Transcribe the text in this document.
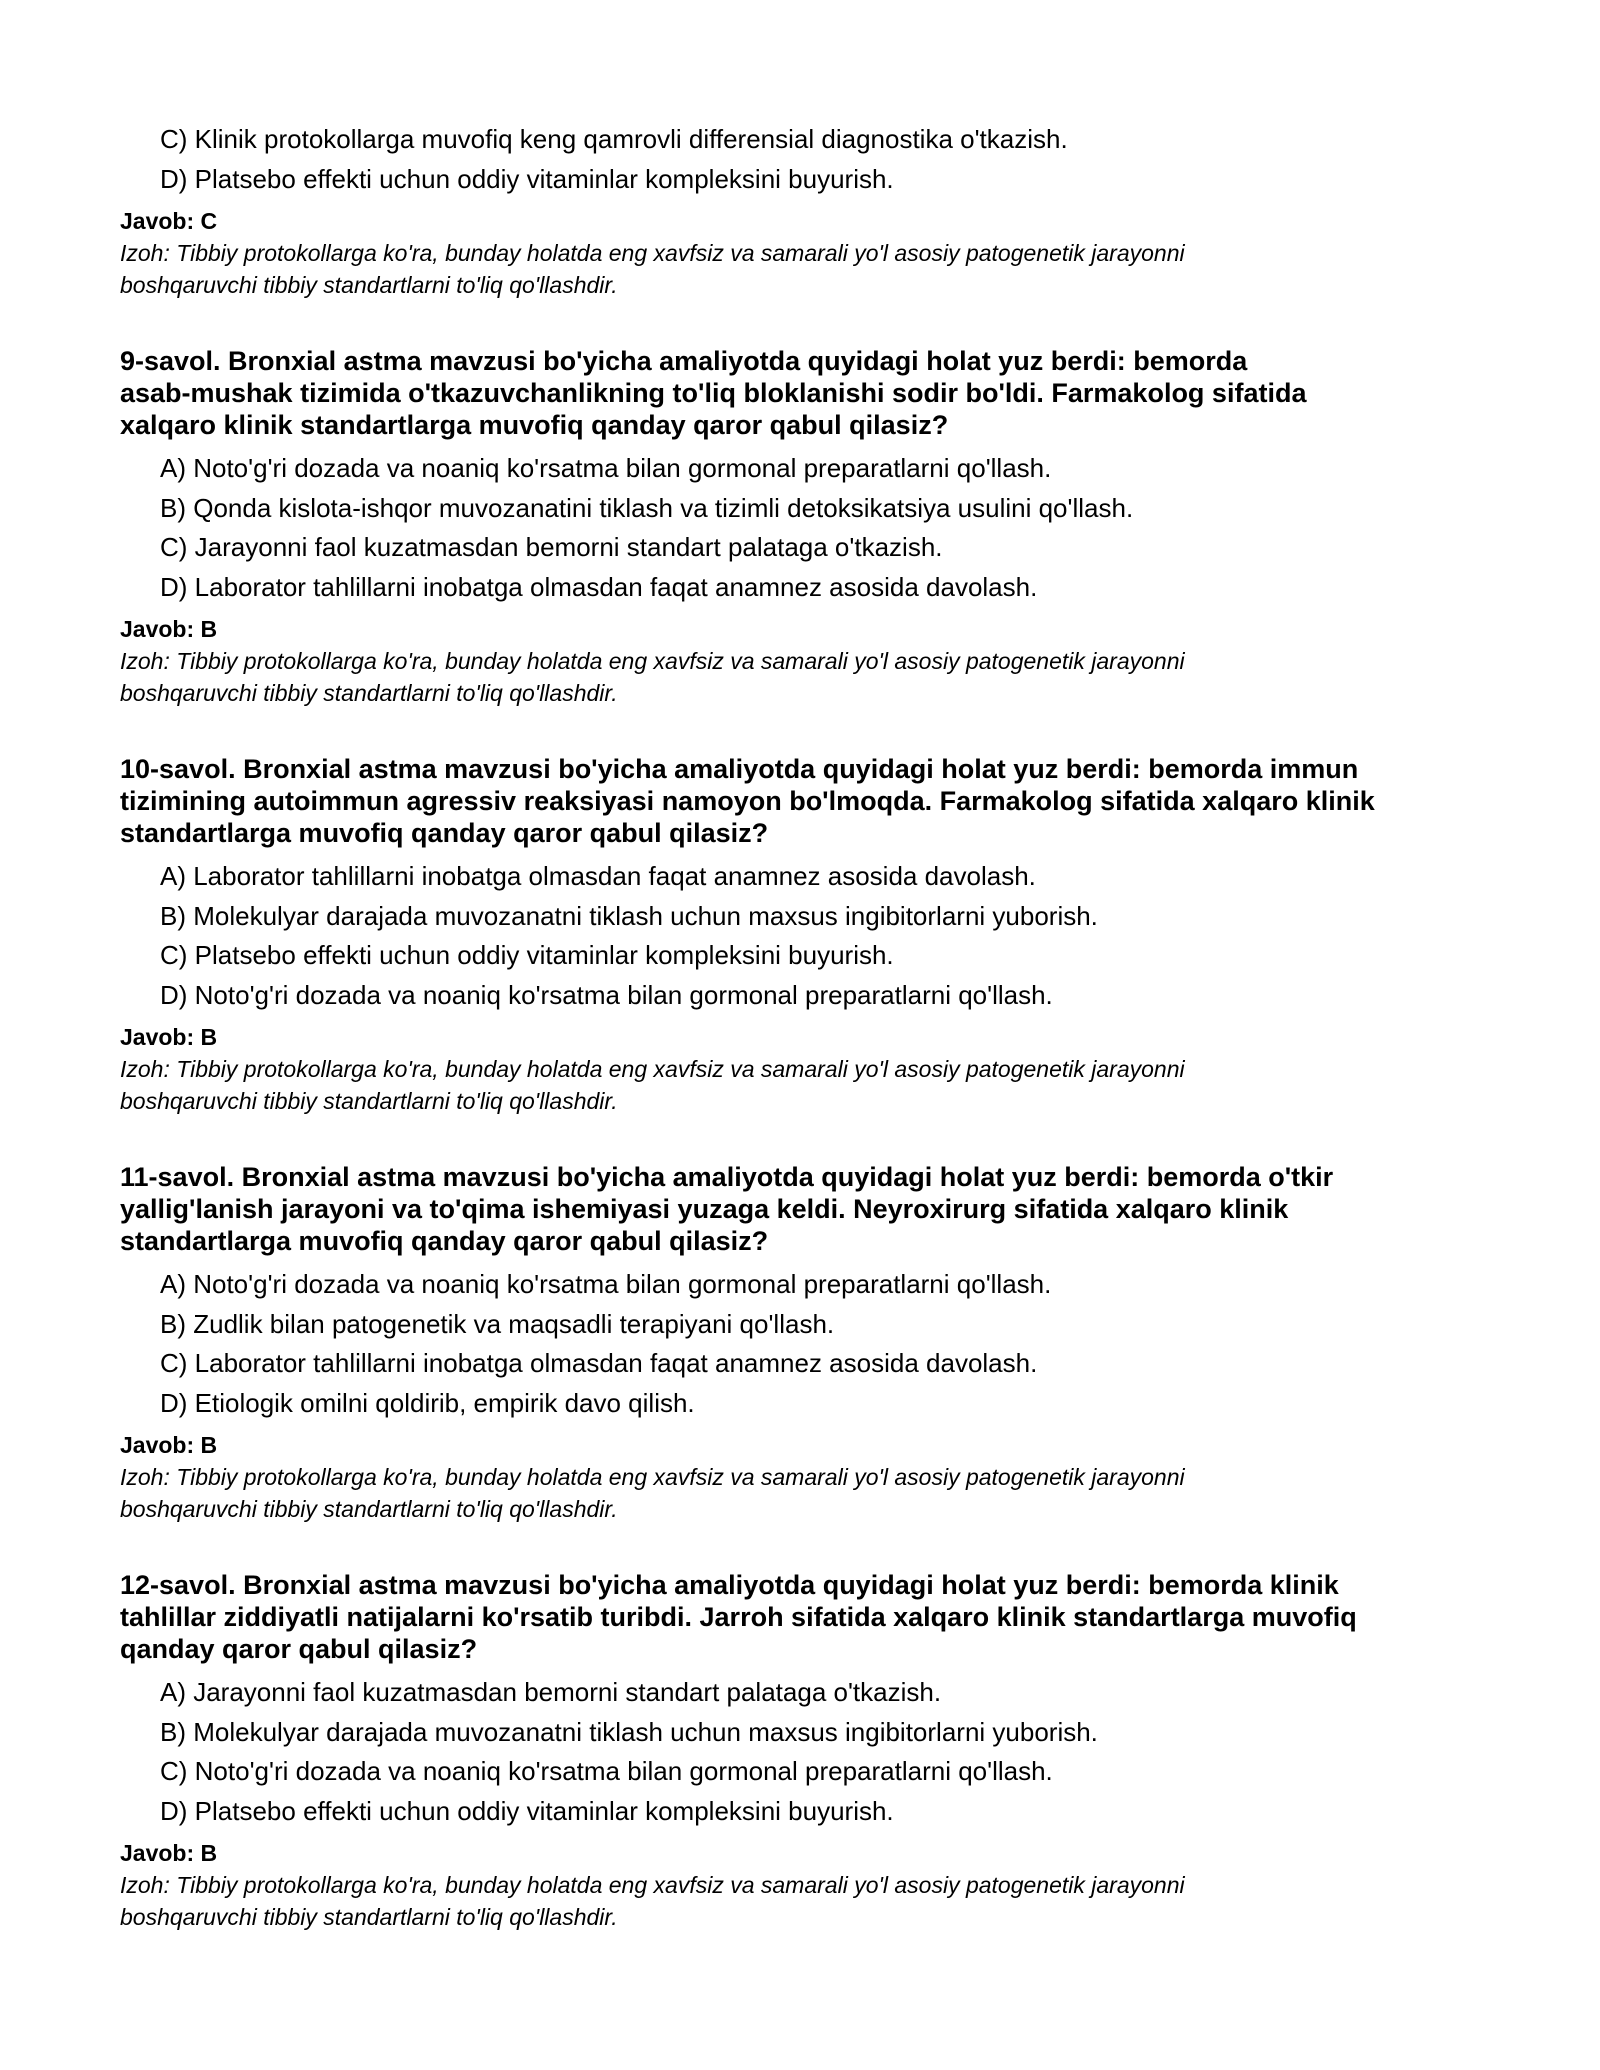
C) Klinik protokollarga muvofiq keng qamrovli differensial diagnostika o'tkazish.
D) Platsebo effekti uchun oddiy vitaminlar kompleksini buyurish.
Javob: C
Izoh: Tibbiy protokollarga ko'ra, bunday holatda eng xavfsiz va samarali yo'l asosiy patogenetik jarayonni
boshqaruvchi tibbiy standartlarni to'liq qo'llashdir.
9-savol. Bronxial astma mavzusi bo'yicha amaliyotda quyidagi holat yuz berdi: bemorda
asab-mushak tizimida o'tkazuvchanlikning to'liq bloklanishi sodir bo'ldi. Farmakolog sifatida
xalqaro klinik standartlarga muvofiq qanday qaror qabul qilasiz?
A) Noto'g'ri dozada va noaniq ko'rsatma bilan gormonal preparatlarni qo'llash.
B) Qonda kislota-ishqor muvozanatini tiklash va tizimli detoksikatsiya usulini qo'llash.
C) Jarayonni faol kuzatmasdan bemorni standart palataga o'tkazish.
D) Laborator tahlillarni inobatga olmasdan faqat anamnez asosida davolash.
Javob: B
Izoh: Tibbiy protokollarga ko'ra, bunday holatda eng xavfsiz va samarali yo'l asosiy patogenetik jarayonni
boshqaruvchi tibbiy standartlarni to'liq qo'llashdir.
10-savol. Bronxial astma mavzusi bo'yicha amaliyotda quyidagi holat yuz berdi: bemorda immun
tizimining autoimmun agressiv reaksiyasi namoyon bo'lmoqda. Farmakolog sifatida xalqaro klinik
standartlarga muvofiq qanday qaror qabul qilasiz?
A) Laborator tahlillarni inobatga olmasdan faqat anamnez asosida davolash.
B) Molekulyar darajada muvozanatni tiklash uchun maxsus ingibitorlarni yuborish.
C) Platsebo effekti uchun oddiy vitaminlar kompleksini buyurish.
D) Noto'g'ri dozada va noaniq ko'rsatma bilan gormonal preparatlarni qo'llash.
Javob: B
Izoh: Tibbiy protokollarga ko'ra, bunday holatda eng xavfsiz va samarali yo'l asosiy patogenetik jarayonni
boshqaruvchi tibbiy standartlarni to'liq qo'llashdir.
11-savol. Bronxial astma mavzusi bo'yicha amaliyotda quyidagi holat yuz berdi: bemorda o'tkir
yallig'lanish jarayoni va to'qima ishemiyasi yuzaga keldi. Neyroxirurg sifatida xalqaro klinik
standartlarga muvofiq qanday qaror qabul qilasiz?
A) Noto'g'ri dozada va noaniq ko'rsatma bilan gormonal preparatlarni qo'llash.
B) Zudlik bilan patogenetik va maqsadli terapiyani qo'llash.
C) Laborator tahlillarni inobatga olmasdan faqat anamnez asosida davolash.
D) Etiologik omilni qoldirib, empirik davo qilish.
Javob: B
Izoh: Tibbiy protokollarga ko'ra, bunday holatda eng xavfsiz va samarali yo'l asosiy patogenetik jarayonni
boshqaruvchi tibbiy standartlarni to'liq qo'llashdir.
12-savol. Bronxial astma mavzusi bo'yicha amaliyotda quyidagi holat yuz berdi: bemorda klinik
tahlillar ziddiyatli natijalarni ko'rsatib turibdi. Jarroh sifatida xalqaro klinik standartlarga muvofiq
qanday qaror qabul qilasiz?
A) Jarayonni faol kuzatmasdan bemorni standart palataga o'tkazish.
B) Molekulyar darajada muvozanatni tiklash uchun maxsus ingibitorlarni yuborish.
C) Noto'g'ri dozada va noaniq ko'rsatma bilan gormonal preparatlarni qo'llash.
D) Platsebo effekti uchun oddiy vitaminlar kompleksini buyurish.
Javob: B
Izoh: Tibbiy protokollarga ko'ra, bunday holatda eng xavfsiz va samarali yo'l asosiy patogenetik jarayonni
boshqaruvchi tibbiy standartlarni to'liq qo'llashdir.
